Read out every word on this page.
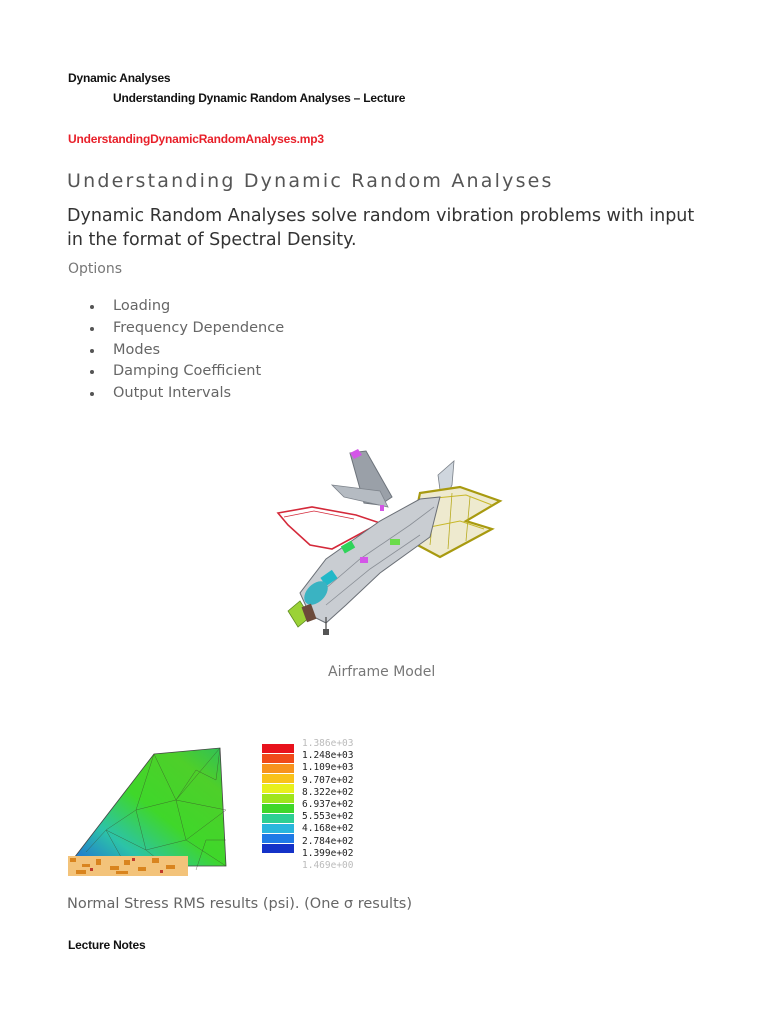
Dynamic Analyses
Understanding Dynamic Random Analyses – Lecture
UnderstandingDynamicRandomAnalyses.mp3
Understanding Dynamic Random Analyses

Dynamic Random Analyses solve random vibration problems with input in the format of Spectral Density.

Options
Loading
Frequency Dependence
Modes
Damping Coefficient
Output Intervals
Airframe Model
1.386e+03
1.248e+03
1.109e+03
9.707e+02
8.322e+02
6.937e+02
5.553e+02
4.168e+02
2.784e+02
1.399e+02
1.469e+00
Normal Stress RMS results (psi). (One σ results)
Lecture Notes
